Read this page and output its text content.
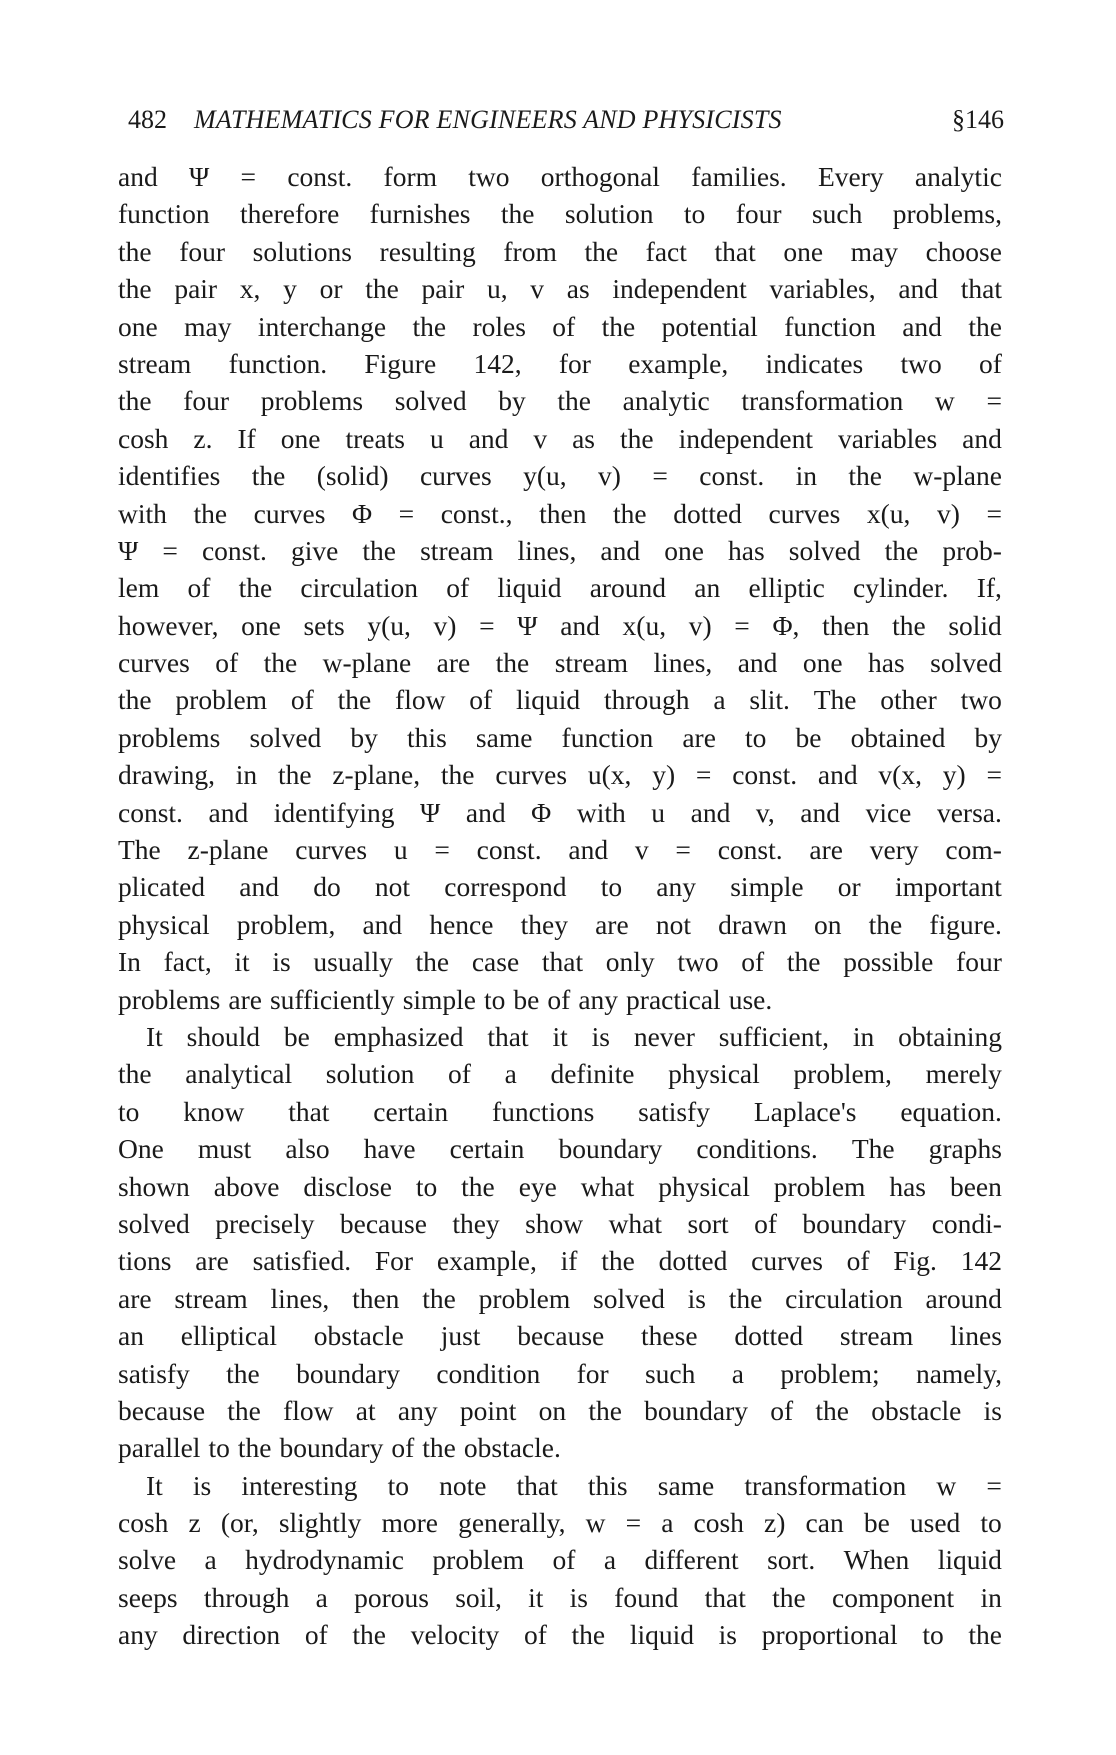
482 MATHEMATICS FOR ENGINEERS AND PHYSICISTS	§146
and Ψ = const. form two orthogonal families. Every analytic
function therefore furnishes the solution to four such problems,
the four solutions resulting from the fact that one may choose
the pair x, y or the pair u, v as independent variables, and that
one may interchange the roles of the potential function and the
stream function. Figure 142, for example, indicates two of
the four problems solved by the analytic transformation w =
cosh z. If one treats u and v as the independent variables and
identifies the (solid) curves y(u, v) = const. in the w-plane
with the curves Φ = const., then the dotted curves x(u, v) =
Ψ = const. give the stream lines, and one has solved the prob-
lem of the circulation of liquid around an elliptic cylinder. If,
however, one sets y(u, v) = Ψ and x(u, v) = Φ, then the solid
curves of the w-plane are the stream lines, and one has solved
the problem of the flow of liquid through a slit. The other two
problems solved by this same function are to be obtained by
drawing, in the z-plane, the curves u(x, y) = const. and v(x, y) =
const. and identifying Ψ and Φ with u and v, and vice versa.
The z-plane curves u = const. and v = const. are very com-
plicated and do not correspond to any simple or important
physical problem, and hence they are not drawn on the figure.
In fact, it is usually the case that only two of the possible four
problems are sufficiently simple to be of any practical use.
It should be emphasized that it is never sufficient, in obtaining
the analytical solution of a definite physical problem, merely
to know that certain functions satisfy Laplace's equation.
One must also have certain boundary conditions. The graphs
shown above disclose to the eye what physical problem has been
solved precisely because they show what sort of boundary condi-
tions are satisfied. For example, if the dotted curves of Fig. 142
are stream lines, then the problem solved is the circulation around
an elliptical obstacle just because these dotted stream lines
satisfy the boundary condition for such a problem; namely,
because the flow at any point on the boundary of the obstacle is
parallel to the boundary of the obstacle.
It is interesting to note that this same transformation w =
cosh z (or, slightly more generally, w = a cosh z) can be used to
solve a hydrodynamic problem of a different sort. When liquid
seeps through a porous soil, it is found that the component in
any direction of the velocity of the liquid is proportional to the
